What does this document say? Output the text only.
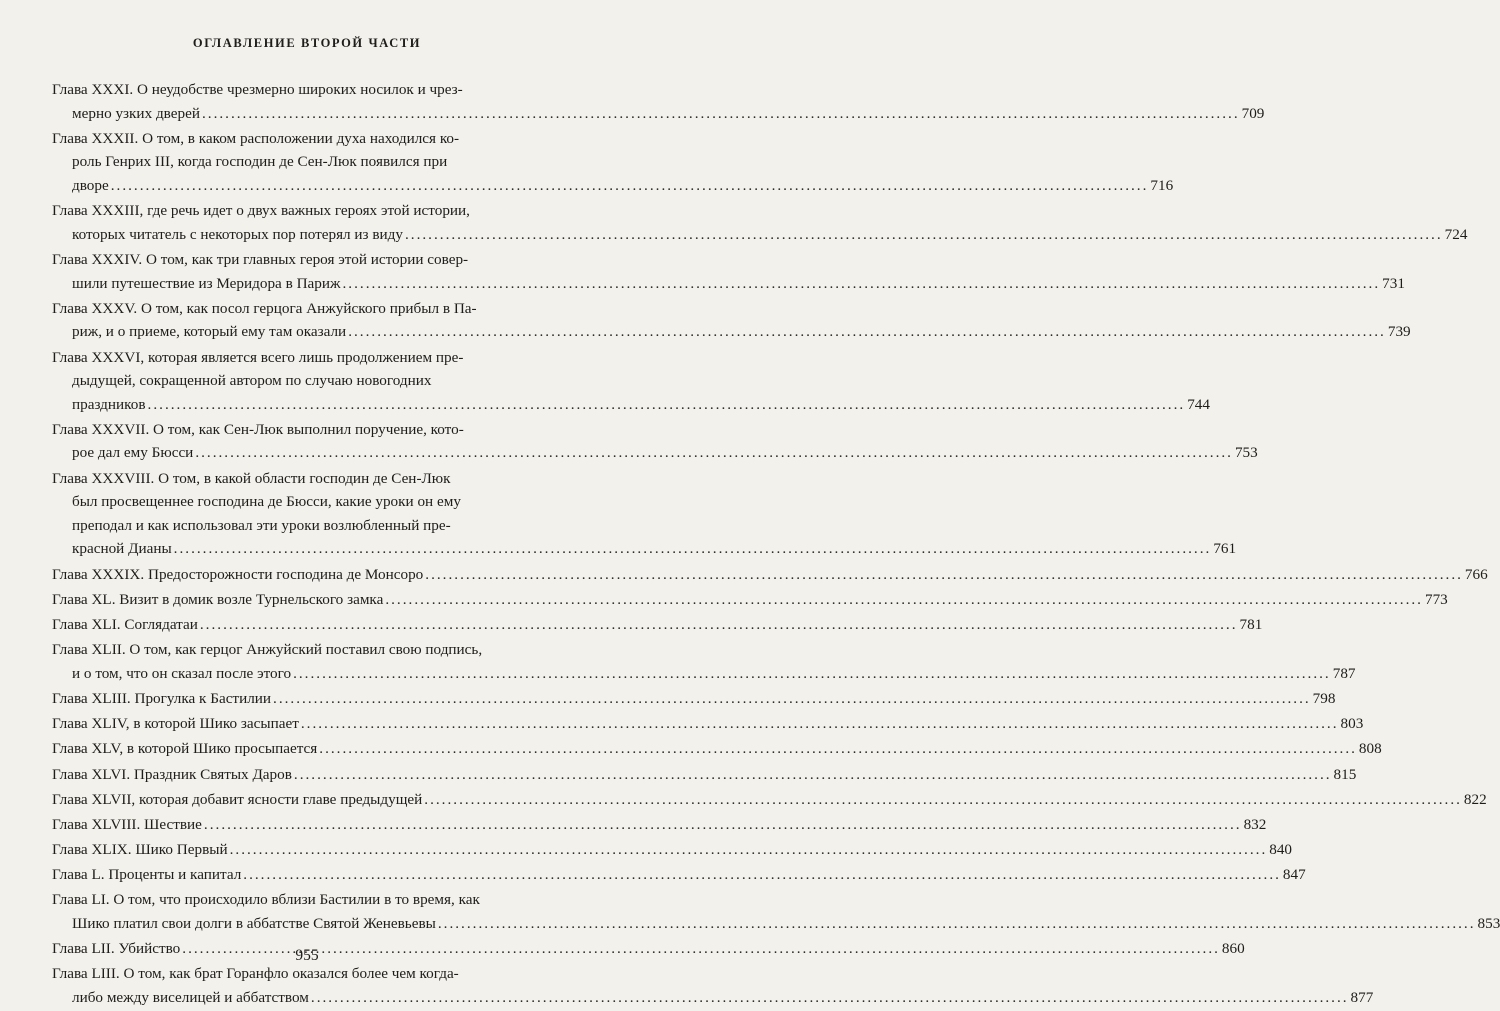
ОГЛАВЛЕНИЕ ВТОРОЙ ЧАСТИ
Глава XXXI. О неудобстве чрезмерно широких носилок и чрез-
мерно узких дверей .....	709
Глава XXXII. О том, в каком расположении духа находился ко-
роль Генрих III, когда господин де Сен-Люк появился при
дворе .....	716
Глава XXXIII, где речь идет о двух важных героях этой истории,
которых читатель с некоторых пор потерял из виду .....	724
Глава XXXIV. О том, как три главных героя этой истории совер-
шили путешествие из Меридора в Париж .....	731
Глава XXXV. О том, как посол герцога Анжуйского прибыл в Па-
риж, и о приеме, который ему там оказали .....	739
Глава XXXVI, которая является всего лишь продолжением пре-
дыдущей, сокращенной автором по случаю новогодних
праздников .....	744
Глава XXXVII. О том, как Сен-Люк выполнил поручение, кото-
рое дал ему Бюсси .....	753
Глава XXXVIII. О том, в какой области господин де Сен-Люк
был просвещеннее господина де Бюсси, какие уроки он ему
преподал и как использовал эти уроки возлюбленный пре-
красной Дианы .....	761
Глава XXXIX. Предосторожности господина де Монсоро .....	766
Глава XL. Визит в домик возле Турнельского замка .....	773
Глава XLI. Соглядатаи .....	781
Глава XLII. О том, как герцог Анжуйский поставил свою подпись,
и о том, что он сказал после этого .....	787
Глава XLIII. Прогулка к Бастилии .....	798
Глава XLIV, в которой Шико засыпает .....	803
Глава XLV, в которой Шико просыпается .....	808
Глава XLVI. Праздник Святых Даров .....	815
Глава XLVII, которая добавит ясности главе предыдущей .....	822
Глава XLVIII. Шествие .....	832
Глава XLIX. Шико Первый .....	840
Глава L. Проценты и капитал .....	847
Глава LI. О том, что происходило вблизи Бастилии в то время, как
Шико платил свои долги в аббатстве Святой Женевьевы .....	853
Глава LII. Убийство .....	860
Глава LIII. О том, как брат Горанфло оказался более чем когда-
либо между виселицей и аббатством .....	877
955
